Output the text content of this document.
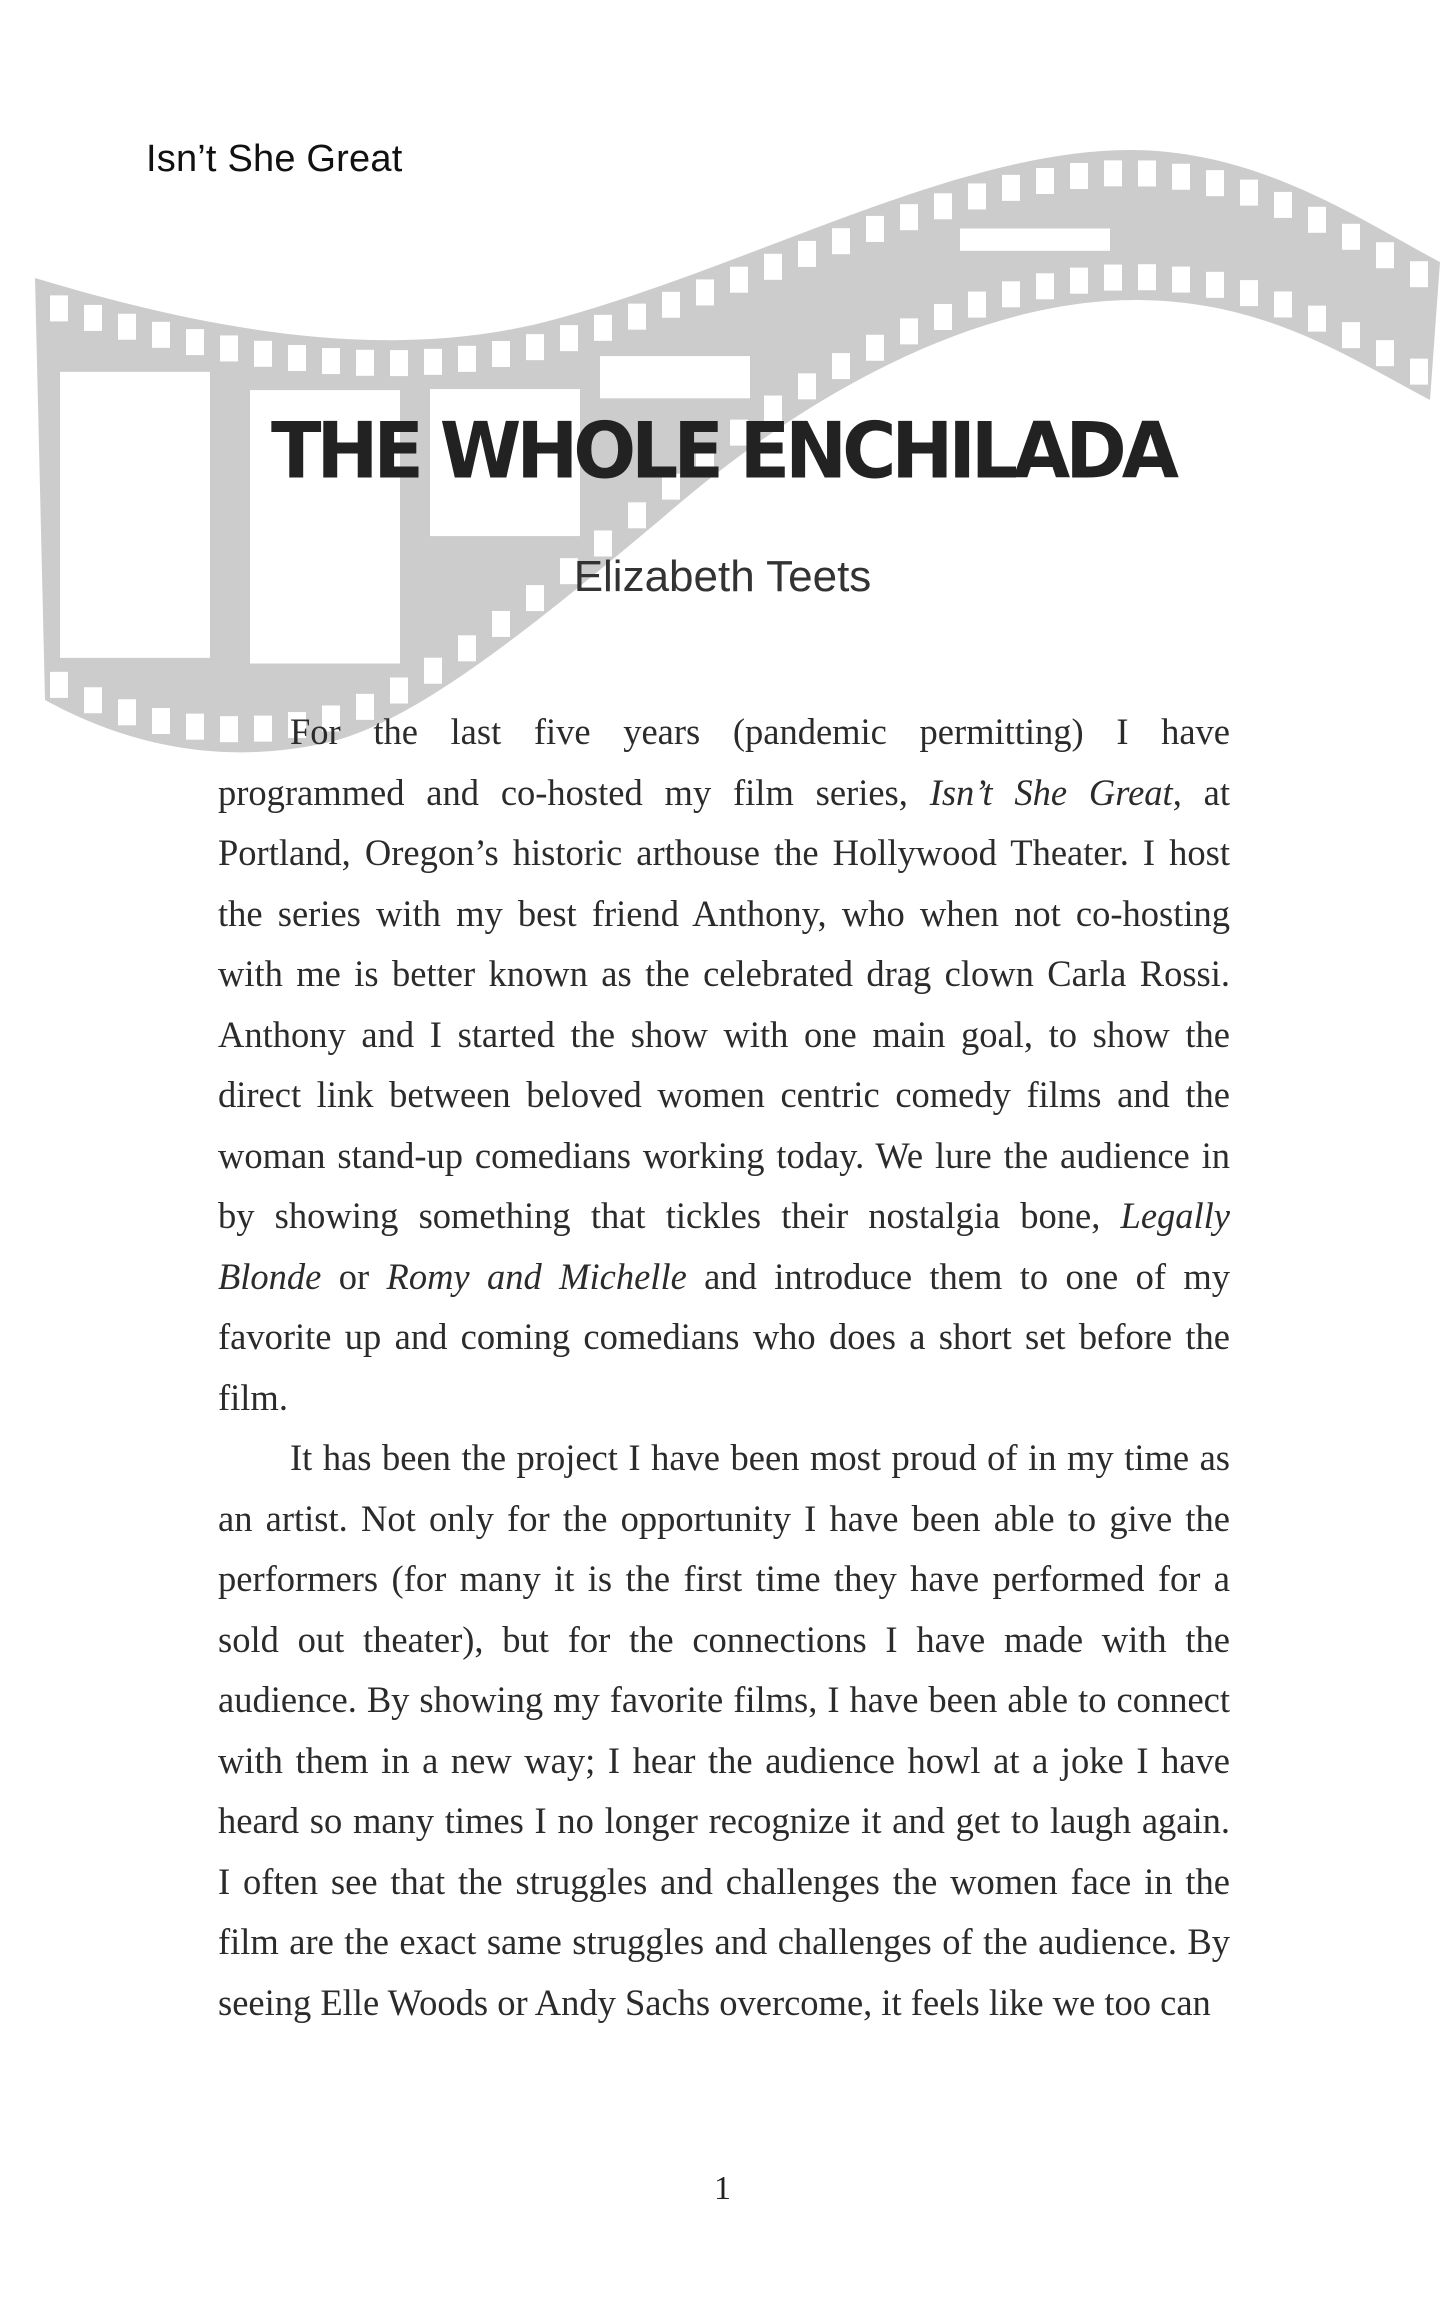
Isn’t She Great
THE WHOLE ENCHILADA
Elizabeth Teets

For the last five years (pandemic permitting) I have programmed and co-hosted my film series, Isn’t She Great, at Portland, Oregon’s historic arthouse the Hollywood Theater. I host the series with my best friend Anthony, who when not co-hosting with me is better known as the celebrated drag clown Carla Rossi. Anthony and I started the show with one main goal, to show the direct link between beloved women centric comedy films and the woman stand-up comedians working today. We lure the audience in by showing something that tickles their nostalgia bone, Legally Blonde or Romy and Michelle and introduce them to one of my favorite up and coming comedians who does a short set before the film.

It has been the project I have been most proud of in my time as an artist. Not only for the opportunity I have been able to give the performers (for many it is the first time they have performed for a sold out theater), but for the connections I have made with the audience. By showing my favorite films, I have been able to connect with them in a new way; I hear the audience howl at a joke I have heard so many times I no longer recognize it and get to laugh again. I often see that the struggles and challenges the women face in the film are the exact same struggles and challenges of the audience. By seeing Elle Woods or Andy Sachs overcome, it feels like we too can

1
